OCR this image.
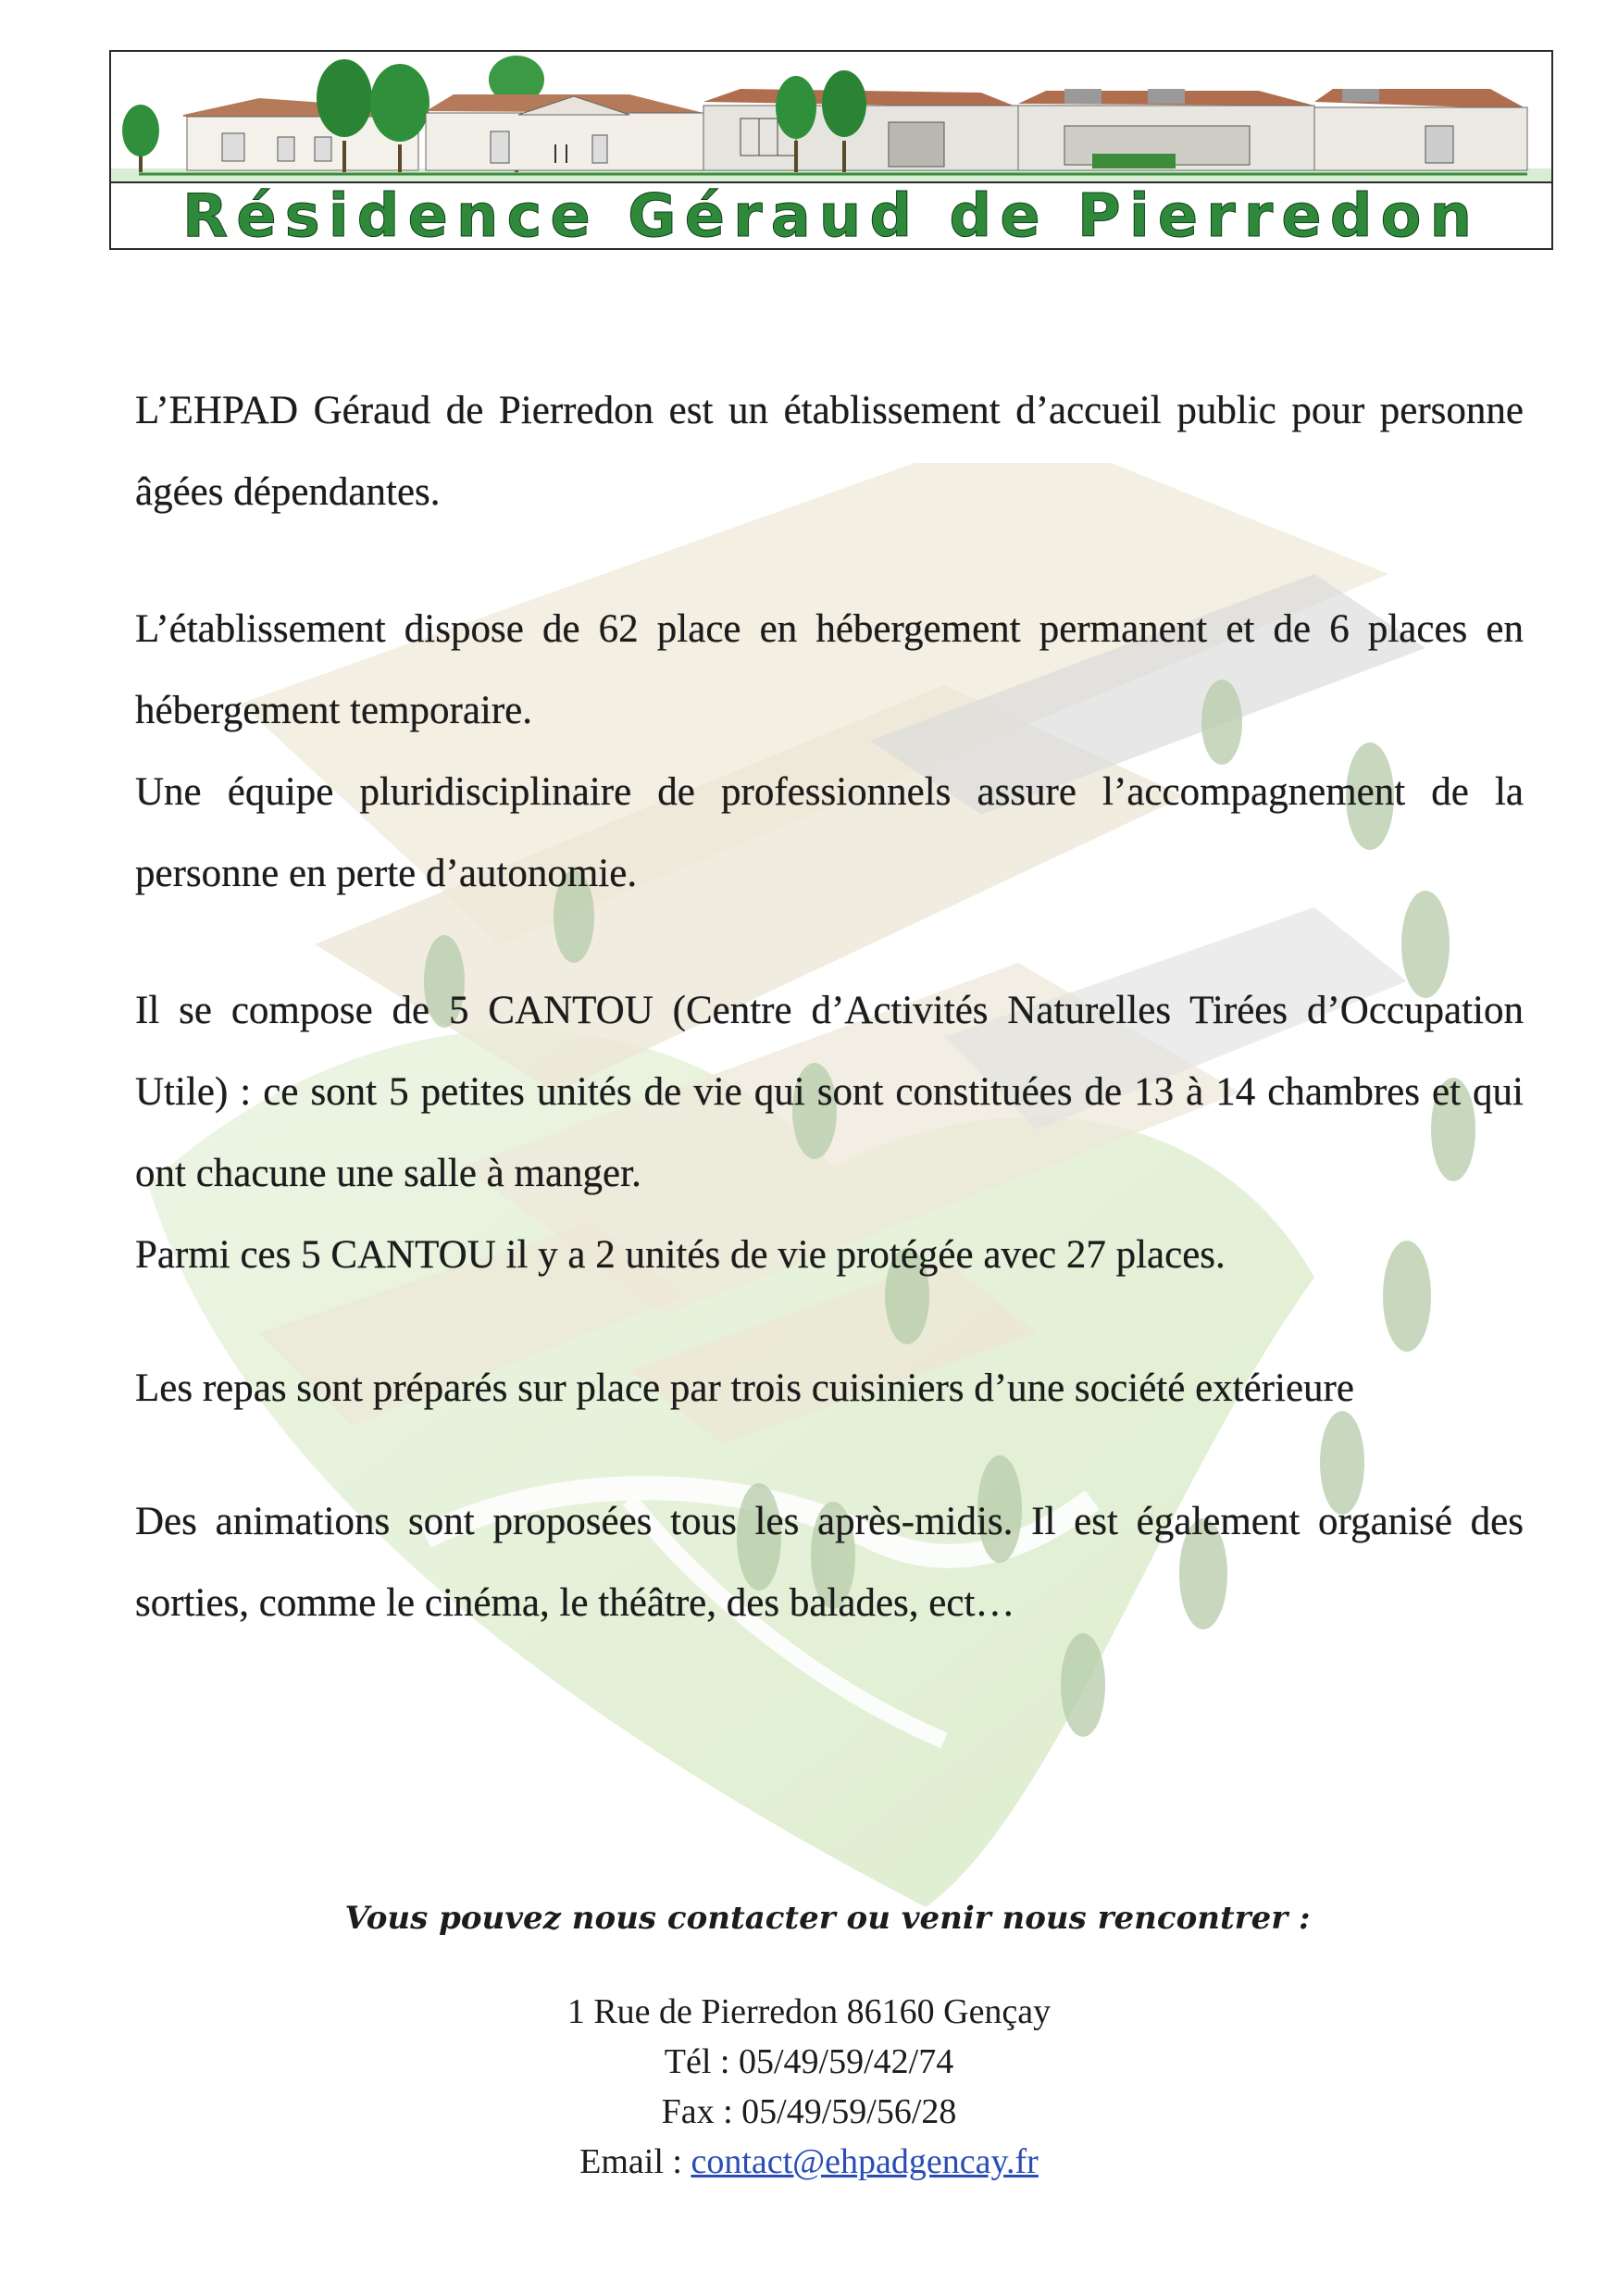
Résidence Géraud de Pierredon

L’EHPAD Géraud de Pierredon est un établissement d’accueil public pour personne âgées dépendantes.

L’établissement dispose de 62 place en hébergement permanent et de 6 places en hébergement temporaire.

Une équipe pluridisciplinaire de professionnels assure l’accompagnement de la personne en perte d’autonomie.

Il se compose de 5 CANTOU (Centre d’Activités Naturelles Tirées d’Occupation Utile) : ce sont 5 petites unités de vie qui sont constituées de 13 à 14 chambres et qui ont chacune une salle à manger.

Parmi ces 5 CANTOU il y a 2 unités de vie protégée avec 27 places.

Les repas sont préparés sur place par trois cuisiniers d’une société extérieure

Des animations sont proposées tous les après-midis. Il est également organisé des sorties, comme le cinéma, le théâtre, des balades, ect…

Vous pouvez nous contacter ou venir nous rencontrer :

1 Rue de Pierredon 86160 Gençay

Tél : 05/49/59/42/74

Fax : 05/49/59/56/28

Email : contact@ehpadgencay.fr
